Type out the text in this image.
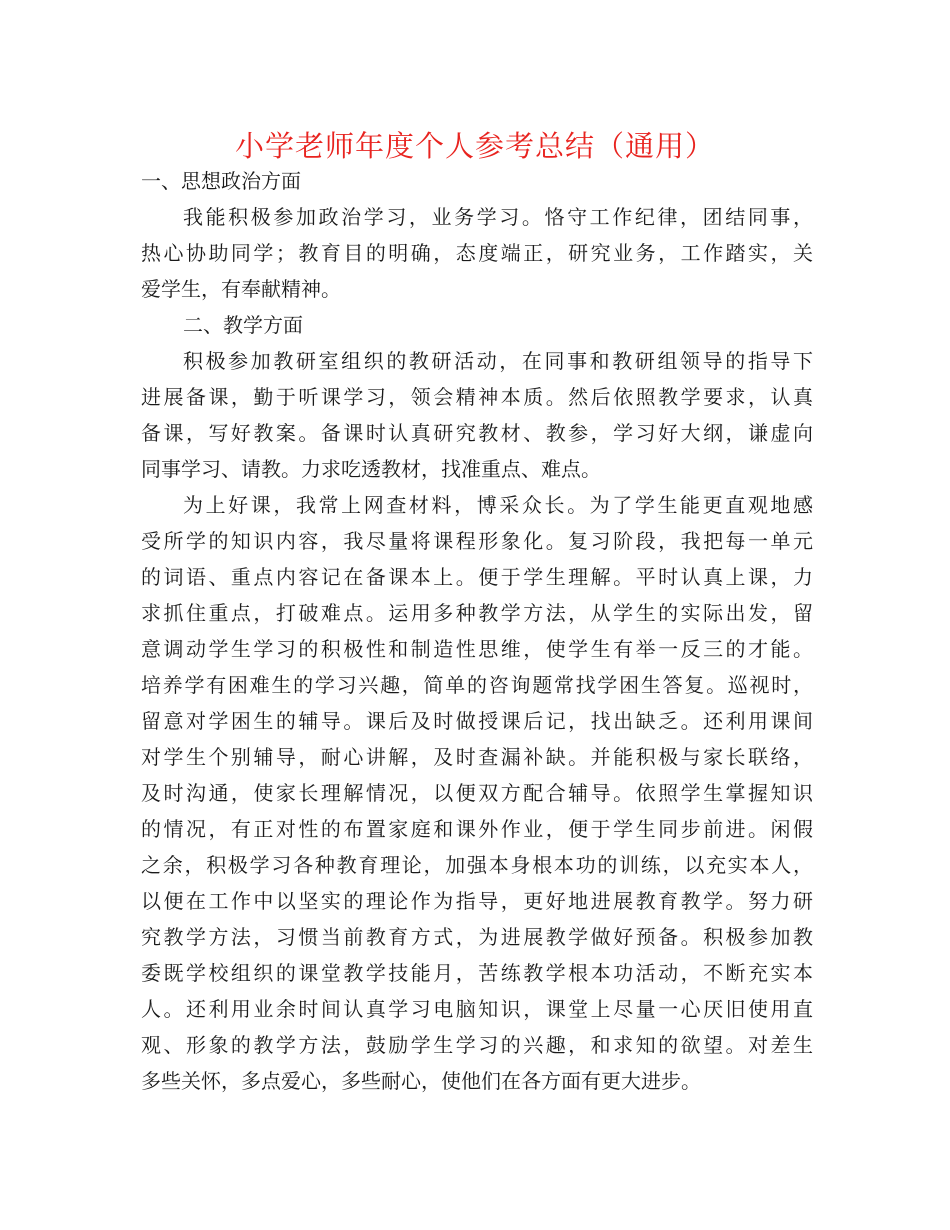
小学老师年度个人参考总结（通用）
一、思想政治方面
我能积极参加政治学习，业务学习。恪守工作纪律，团结同事，
热心协助同学；教育目的明确，态度端正，研究业务，工作踏实，关
爱学生，有奉献精神。
二、教学方面
积极参加教研室组织的教研活动，在同事和教研组领导的指导下
进展备课，勤于听课学习，领会精神本质。然后依照教学要求，认真
备课，写好教案。备课时认真研究教材、教参，学习好大纲，谦虚向
同事学习、请教。力求吃透教材，找准重点、难点。
为上好课，我常上网查材料，博采众长。为了学生能更直观地感
受所学的知识内容，我尽量将课程形象化。复习阶段，我把每一单元
的词语、重点内容记在备课本上。便于学生理解。平时认真上课，力
求抓住重点，打破难点。运用多种教学方法，从学生的实际出发，留
意调动学生学习的积极性和制造性思维，使学生有举一反三的才能。
培养学有困难生的学习兴趣，简单的咨询题常找学困生答复。巡视时，
留意对学困生的辅导。课后及时做授课后记，找出缺乏。还利用课间
对学生个别辅导，耐心讲解，及时查漏补缺。并能积极与家长联络，
及时沟通，使家长理解情况，以便双方配合辅导。依照学生掌握知识
的情况，有正对性的布置家庭和课外作业，便于学生同步前进。闲假
之余，积极学习各种教育理论，加强本身根本功的训练，以充实本人，
以便在工作中以坚实的理论作为指导，更好地进展教育教学。努力研
究教学方法，习惯当前教育方式，为进展教学做好预备。积极参加教
委既学校组织的课堂教学技能月，苦练教学根本功活动，不断充实本
人。还利用业余时间认真学习电脑知识，课堂上尽量一心厌旧使用直
观、形象的教学方法，鼓励学生学习的兴趣，和求知的欲望。对差生
多些关怀，多点爱心，多些耐心，使他们在各方面有更大进步。
